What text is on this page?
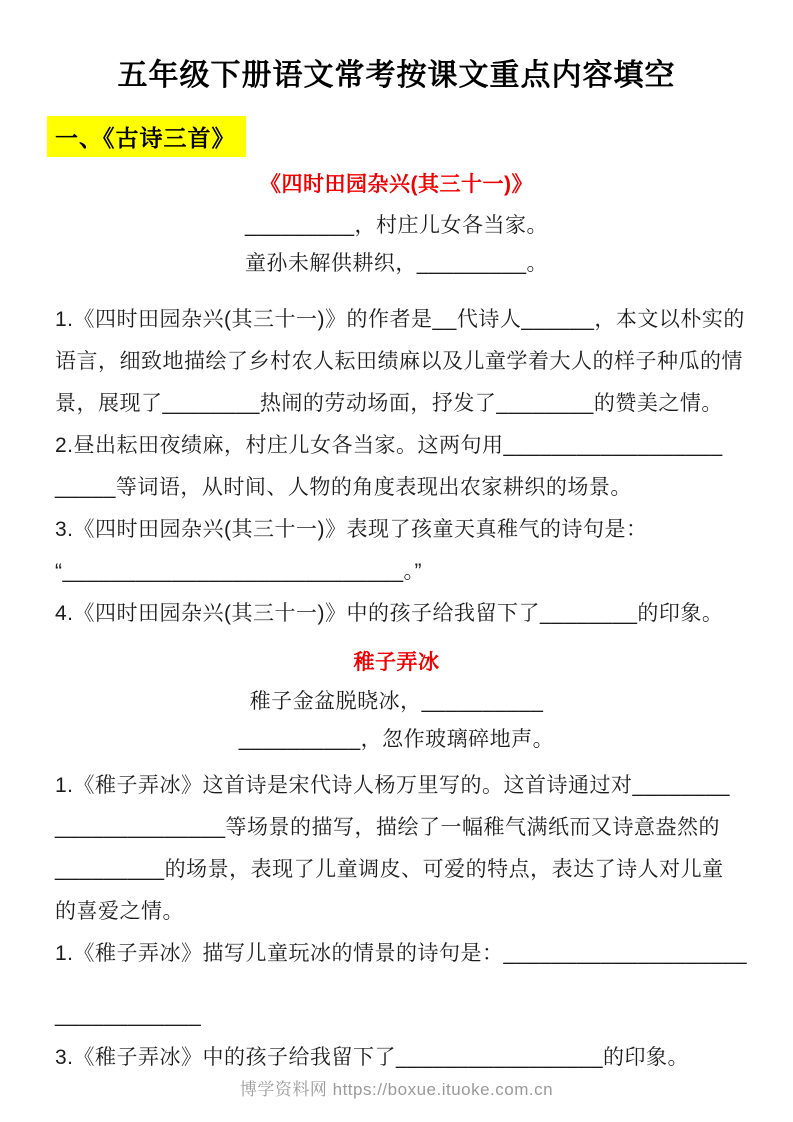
五年级下册语文常考按课文重点内容填空
一、《古诗三首》
《四时田园杂兴(其三十一)》
_________，村庄儿女各当家。
童孙未解供耕织，_________。
1.《四时田园杂兴(其三十一)》的作者是__代诗人______，本文以朴实的
语言，细致地描绘了乡村农人耘田绩麻以及儿童学着大人的样子种瓜的情
景，展现了________热闹的劳动场面，抒发了________的赞美之情。
2.昼出耘田夜绩麻，村庄儿女各当家。这两句用__________________
_____等词语，从时间、人物的角度表现出农家耕织的场景。
3.《四时田园杂兴(其三十一)》表现了孩童天真稚气的诗句是：
“____________________________。”
4.《四时田园杂兴(其三十一)》中的孩子给我留下了________的印象。
稚子弄冰
稚子金盆脱晓冰，__________
__________，忽作玻璃碎地声。
1.《稚子弄冰》这首诗是宋代诗人杨万里写的。这首诗通过对________
______________等场景的描写，描绘了一幅稚气满纸而又诗意盎然的
_________的场景，表现了儿童调皮、可爱的特点，表达了诗人对儿童
的喜爱之情。
1.《稚子弄冰》描写儿童玩冰的情景的诗句是：____________________
____________
3.《稚子弄冰》中的孩子给我留下了_________________的印象。
博学资料网 https://boxue.ituoke.com.cn
